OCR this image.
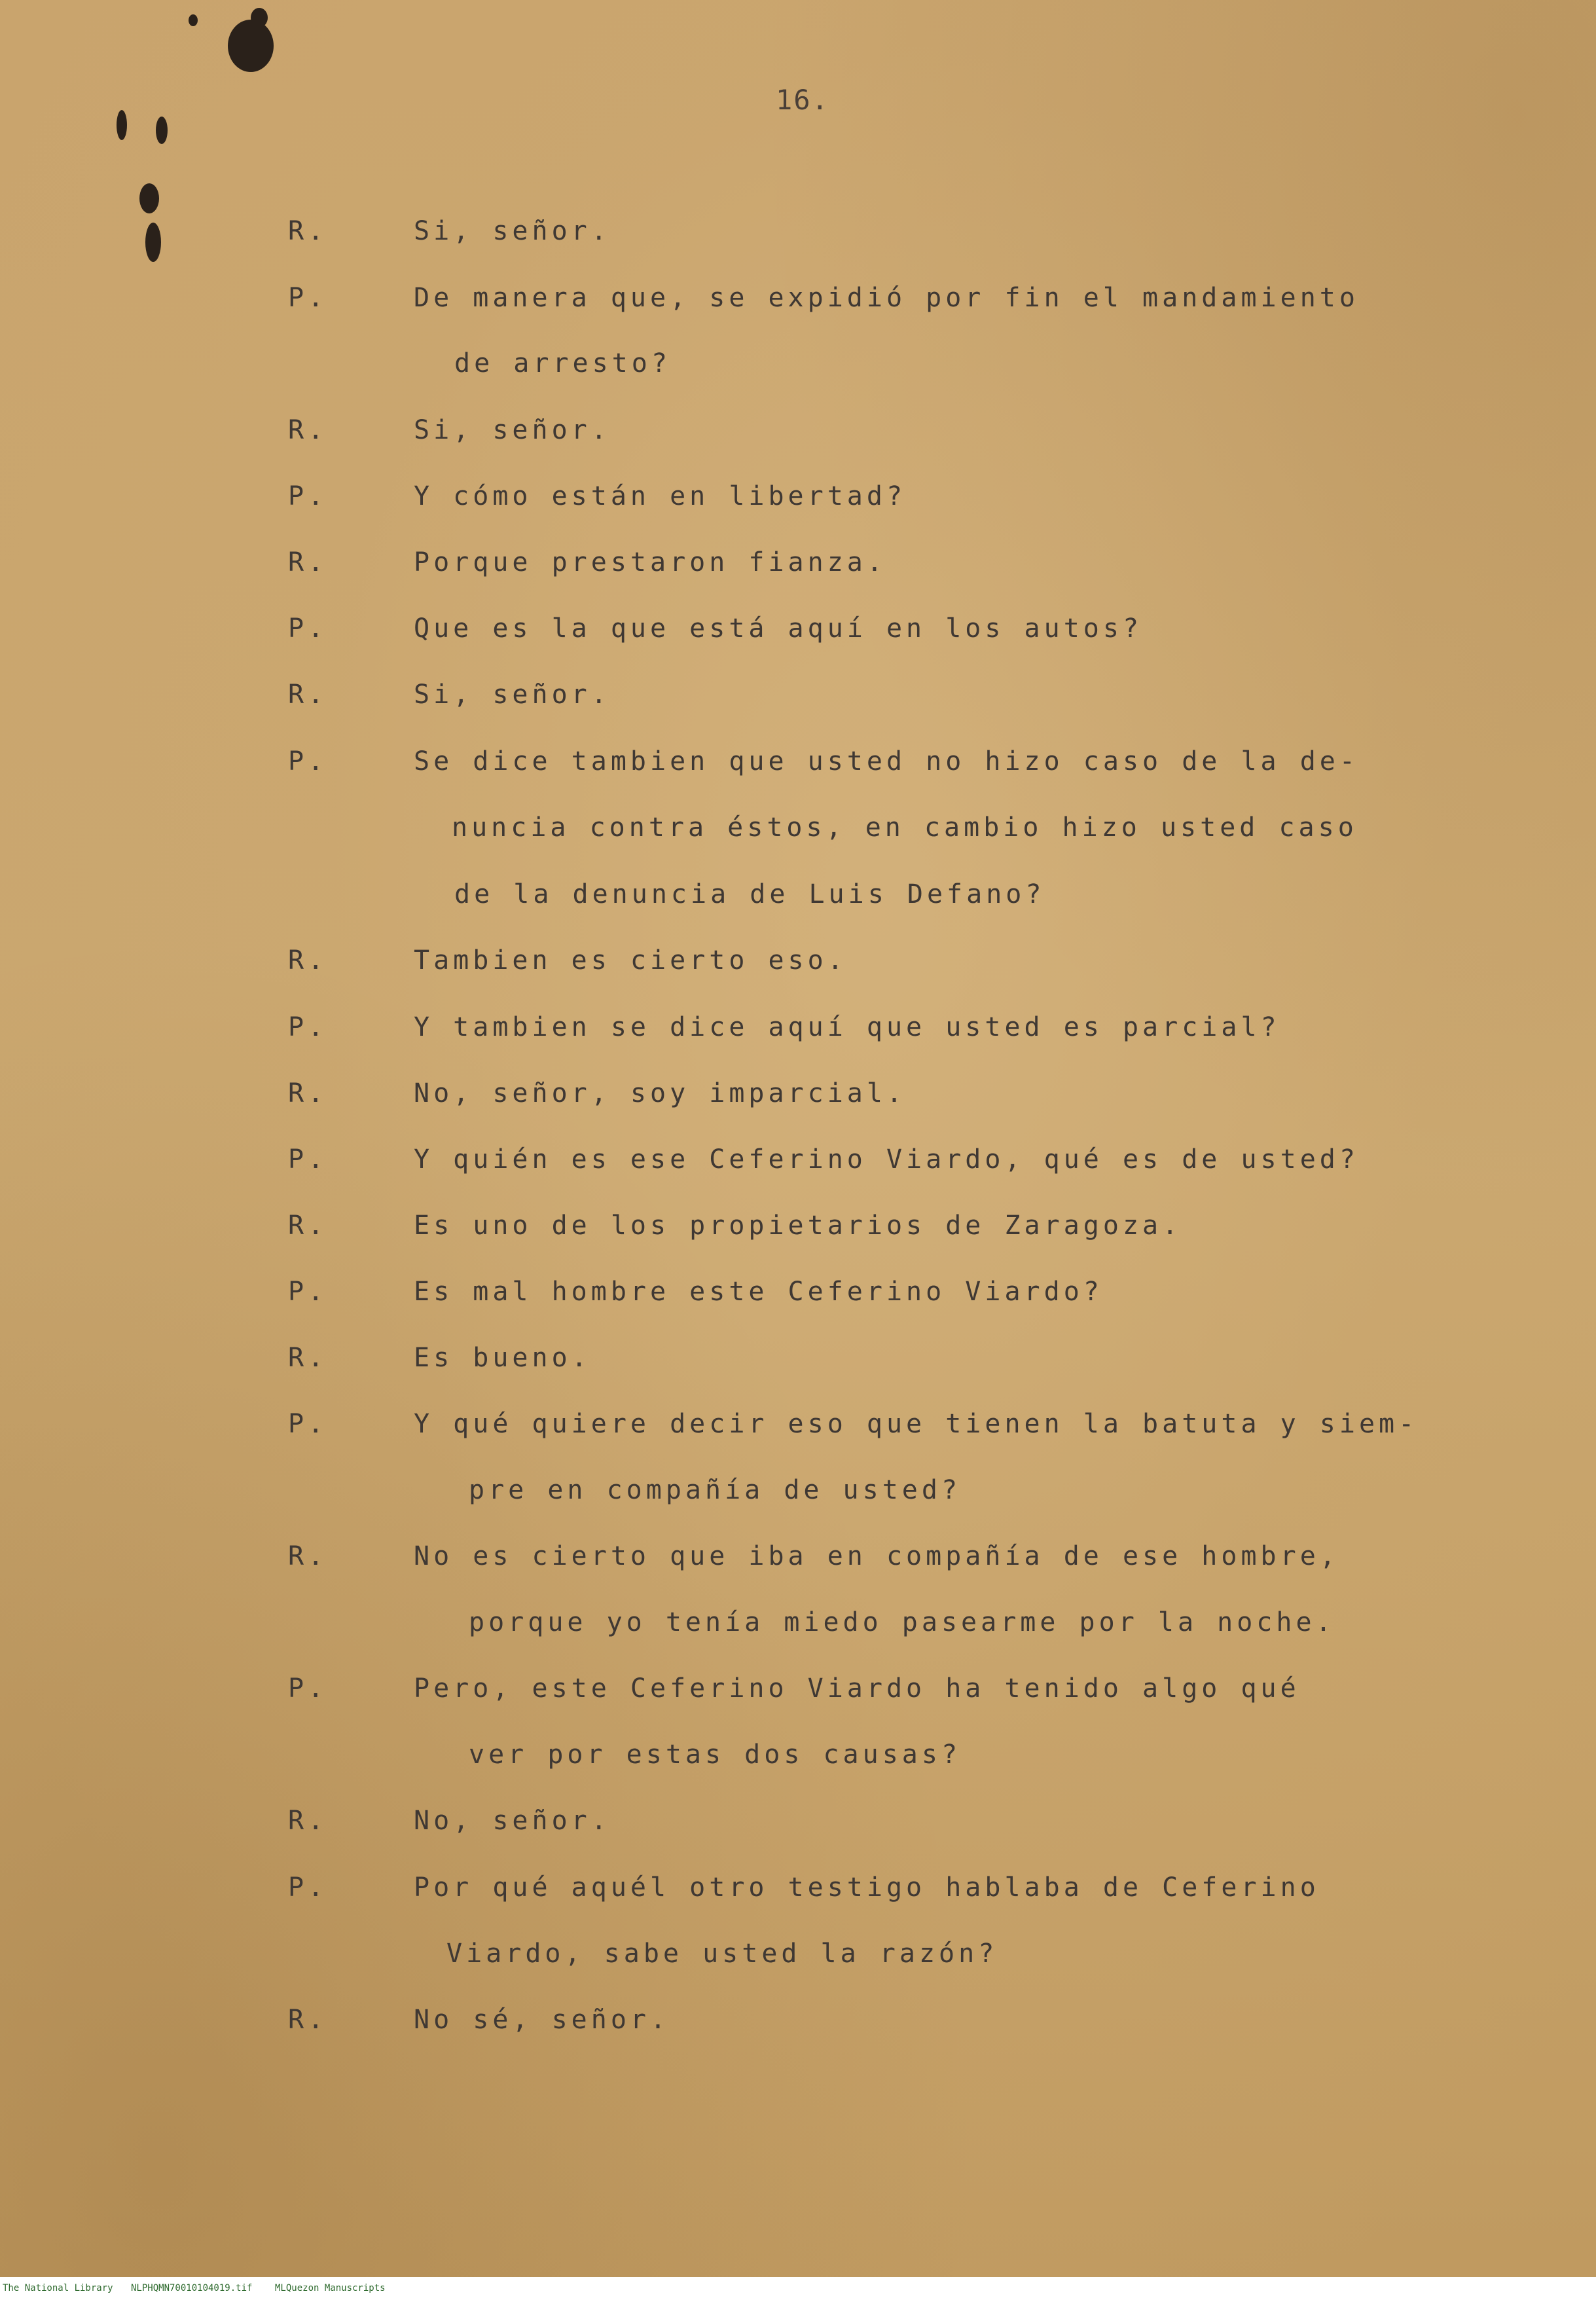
16.
R.	Si, señor.
P.	De manera que, se expidió por fin el mandamiento
de arresto?
R.	Si, señor.
P.	Y cómo están en libertad?
R.	Porque prestaron fianza.
P.	Que es la que está aquí en los autos?
R.	Si, señor.
P.	Se dice tambien que usted no hizo caso de la de-
nuncia contra éstos, en cambio hizo usted caso
de la denuncia de Luis Defano?
R.	Tambien es cierto eso.
P.	Y tambien se dice aquí que usted es parcial?
R.	No, señor, soy imparcial.
P.	Y quién es ese Ceferino Viardo, qué es de usted?
R.	Es uno de los propietarios de Zaragoza.
P.	Es mal hombre este Ceferino Viardo?
R.	Es bueno.
P.	Y qué quiere decir eso que tienen la batuta y siem-
pre en compañía de usted?
R.	No es cierto que iba en compañía de ese hombre,
porque yo tenía miedo pasearme por la noche.
P.	Pero, este Ceferino Viardo ha tenido algo qué
ver por estas dos causas?
R.	No, señor.
P.	Por qué aquél otro testigo hablaba de Ceferino
Viardo, sabe usted la razón?
R.	No sé, señor.
The National Library NLPHQMN70010104019.tif MLQuezon Manuscripts
